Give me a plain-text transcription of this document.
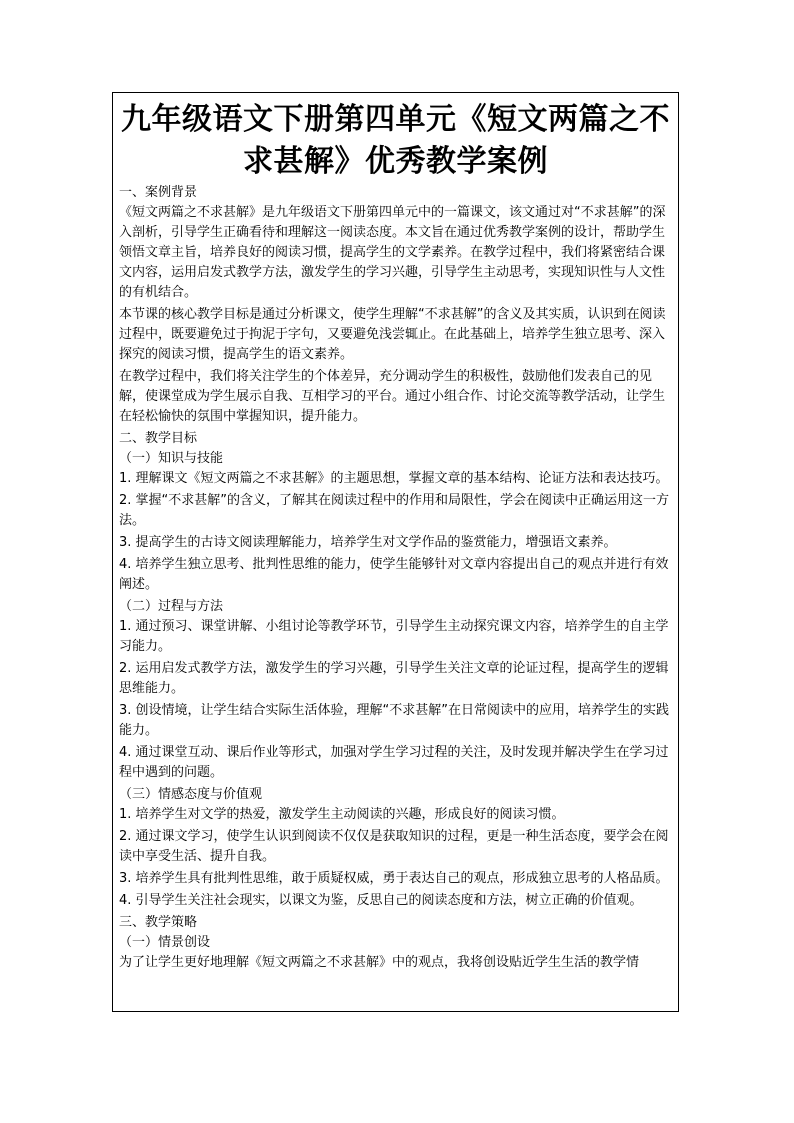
九年级语文下册第四单元《短文两篇之不求甚解》优秀教学案例

一、案例背景

《短文两篇之不求甚解》是九年级语文下册第四单元中的一篇课文，该文通过对“不求甚解”的深入剖析，引导学生正确看待和理解这一阅读态度。本文旨在通过优秀教学案例的设计，帮助学生领悟文章主旨，培养良好的阅读习惯，提高学生的文学素养。在教学过程中，我们将紧密结合课文内容，运用启发式教学方法，激发学生的学习兴趣，引导学生主动思考，实现知识性与人文性的有机结合。

本节课的核心教学目标是通过分析课文，使学生理解“不求甚解”的含义及其实质，认识到在阅读过程中，既要避免过于拘泥于字句，又要避免浅尝辄止。在此基础上，培养学生独立思考、深入探究的阅读习惯，提高学生的语文素养。

在教学过程中，我们将关注学生的个体差异，充分调动学生的积极性，鼓励他们发表自己的见解，使课堂成为学生展示自我、互相学习的平台。通过小组合作、讨论交流等教学活动，让学生在轻松愉快的氛围中掌握知识，提升能力。

二、教学目标

（一）知识与技能

1. 理解课文《短文两篇之不求甚解》的主题思想，掌握文章的基本结构、论证方法和表达技巧。

2. 掌握“不求甚解”的含义，了解其在阅读过程中的作用和局限性，学会在阅读中正确运用这一方法。

3. 提高学生的古诗文阅读理解能力，培养学生对文学作品的鉴赏能力，增强语文素养。

4. 培养学生独立思考、批判性思维的能力，使学生能够针对文章内容提出自己的观点并进行有效阐述。

（二）过程与方法

1. 通过预习、课堂讲解、小组讨论等教学环节，引导学生主动探究课文内容，培养学生的自主学习能力。

2. 运用启发式教学方法，激发学生的学习兴趣，引导学生关注文章的论证过程，提高学生的逻辑思维能力。

3. 创设情境，让学生结合实际生活体验，理解“不求甚解”在日常阅读中的应用，培养学生的实践能力。

4. 通过课堂互动、课后作业等形式，加强对学生学习过程的关注，及时发现并解决学生在学习过程中遇到的问题。

（三）情感态度与价值观

1. 培养学生对文学的热爱，激发学生主动阅读的兴趣，形成良好的阅读习惯。

2. 通过课文学习，使学生认识到阅读不仅仅是获取知识的过程，更是一种生活态度，要学会在阅读中享受生活、提升自我。

3. 培养学生具有批判性思维，敢于质疑权威，勇于表达自己的观点，形成独立思考的人格品质。

4. 引导学生关注社会现实，以课文为鉴，反思自己的阅读态度和方法，树立正确的价值观。

三、教学策略

（一）情景创设

为了让学生更好地理解《短文两篇之不求甚解》中的观点，我将创设贴近学生生活的教学情
